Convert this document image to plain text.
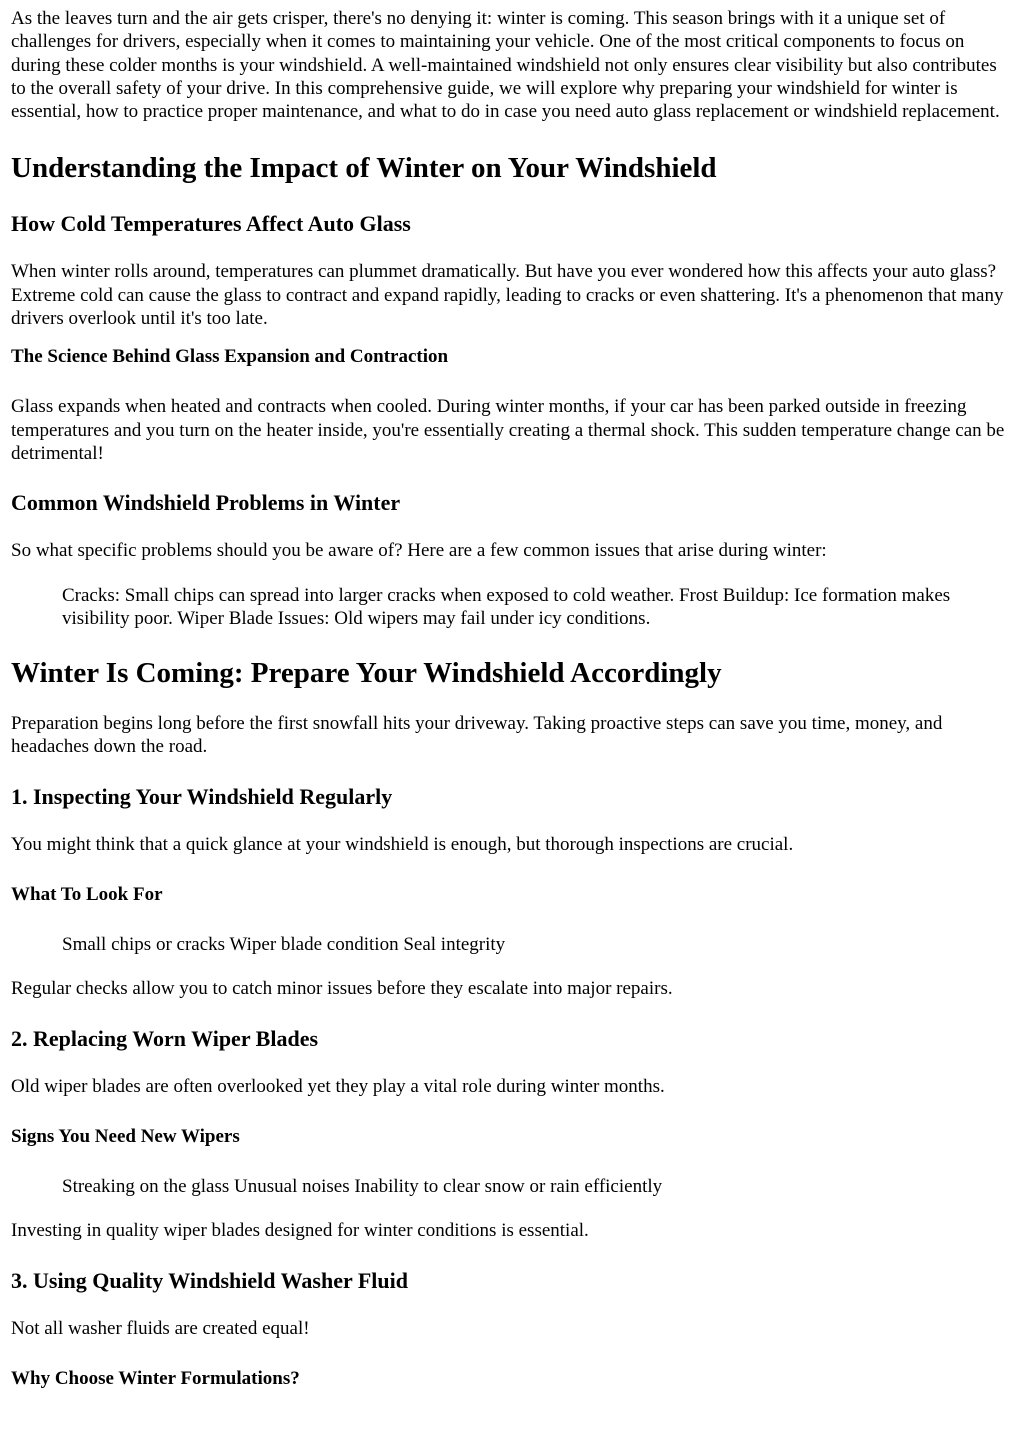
As the leaves turn and the air gets crisper, there's no denying it: winter is coming. This season brings with it a unique set of challenges for drivers, especially when it comes to maintaining your vehicle. One of the most critical components to focus on during these colder months is your windshield. A well-maintained windshield not only ensures clear visibility but also contributes to the overall safety of your drive. In this comprehensive guide, we will explore why preparing your windshield for winter is essential, how to practice proper maintenance, and what to do in case you need auto glass replacement or windshield replacement.

Understanding the Impact of Winter on Your Windshield
How Cold Temperatures Affect Auto Glass

When winter rolls around, temperatures can plummet dramatically. But have you ever wondered how this affects your auto glass? Extreme cold can cause the glass to contract and expand rapidly, leading to cracks or even shattering. It's a phenomenon that many drivers overlook until it's too late.

The Science Behind Glass Expansion and Contraction

Glass expands when heated and contracts when cooled. During winter months, if your car has been parked outside in freezing temperatures and you turn on the heater inside, you're essentially creating a thermal shock. This sudden temperature change can be detrimental!

Common Windshield Problems in Winter

So what specific problems should you be aware of? Here are a few common issues that arise during winter:

Cracks: Small chips can spread into larger cracks when exposed to cold weather. Frost Buildup: Ice formation makes visibility poor. Wiper Blade Issues: Old wipers may fail under icy conditions.
Winter Is Coming: Prepare Your Windshield Accordingly

Preparation begins long before the first snowfall hits your driveway. Taking proactive steps can save you time, money, and headaches down the road.

1. Inspecting Your Windshield Regularly

You might think that a quick glance at your windshield is enough, but thorough inspections are crucial.

What To Look For
Small chips or cracks Wiper blade condition Seal integrity

Regular checks allow you to catch minor issues before they escalate into major repairs.

2. Replacing Worn Wiper Blades

Old wiper blades are often overlooked yet they play a vital role during winter months.

Signs You Need New Wipers
Streaking on the glass Unusual noises Inability to clear snow or rain efficiently

Investing in quality wiper blades designed for winter conditions is essential.

3. Using Quality Windshield Washer Fluid

Not all washer fluids are created equal!

Why Choose Winter Formulations?
